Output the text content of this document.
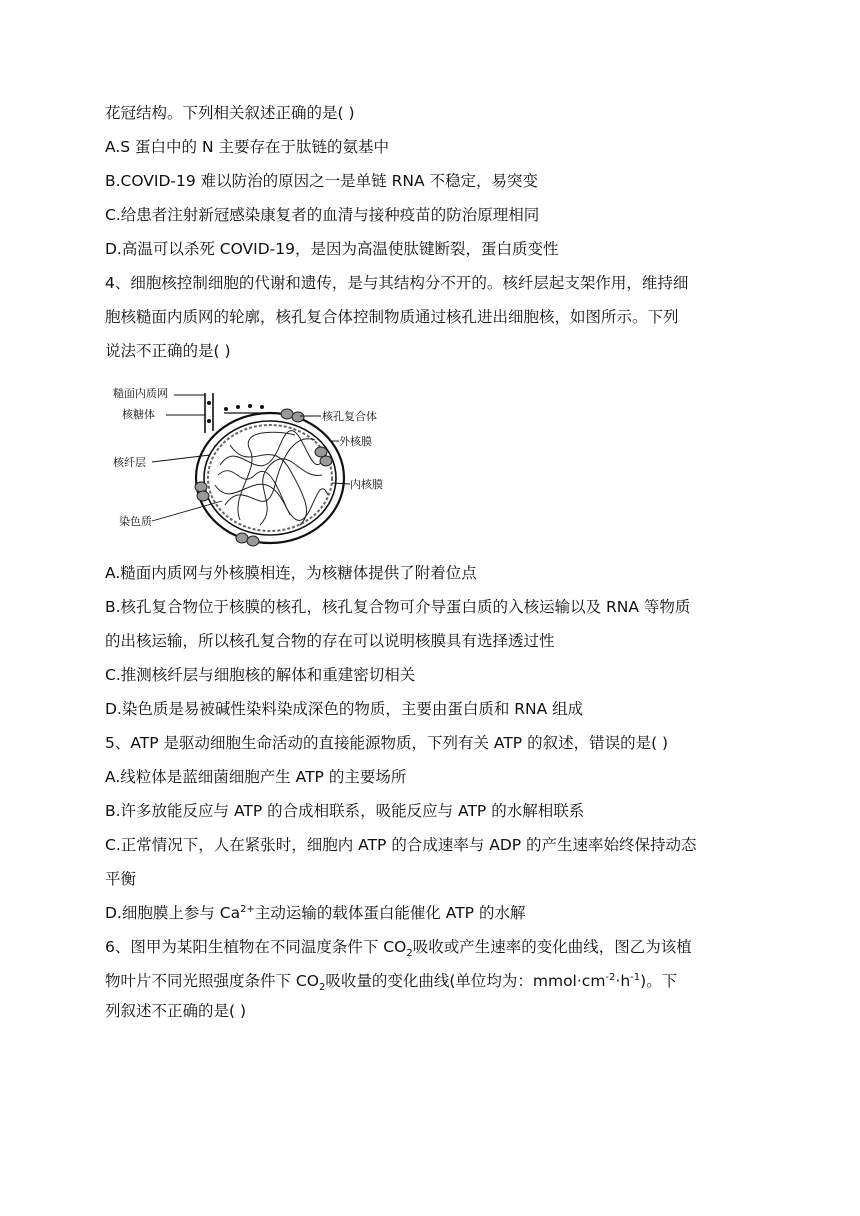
花冠结构。下列相关叙述正确的是( )
A.S 蛋白中的 N 主要存在于肽链的氨基中
B.COVID-19 难以防治的原因之一是单链 RNA 不稳定，易突变
C.给患者注射新冠感染康复者的血清与接种疫苗的防治原理相同
D.高温可以杀死 COVID-19，是因为高温使肽键断裂，蛋白质变性
4、细胞核控制细胞的代谢和遗传，是与其结构分不开的。核纤层起支架作用，维持细
胞核糙面内质网的轮廓，核孔复合体控制物质通过核孔进出细胞核，如图所示。下列
说法不正确的是( )
糙面内质网
核糖体
核纤层
染色质
核孔复合体
外核膜
内核膜
A.糙面内质网与外核膜相连，为核糖体提供了附着位点
B.核孔复合物位于核膜的核孔，核孔复合物可介导蛋白质的入核运输以及 RNA 等物质
的出核运输，所以核孔复合物的存在可以说明核膜具有选择透过性
C.推测核纤层与细胞核的解体和重建密切相关
D.染色质是易被碱性染料染成深色的物质，主要由蛋白质和 RNA 组成
5、ATP 是驱动细胞生命活动的直接能源物质，下列有关 ATP 的叙述，错误的是( )
A.线粒体是蓝细菌细胞产生 ATP 的主要场所
B.许多放能反应与 ATP 的合成相联系，吸能反应与 ATP 的水解相联系
C.正常情况下，人在紧张时，细胞内 ATP 的合成速率与 ADP 的产生速率始终保持动态
平衡
D.细胞膜上参与 $Ca^{2+}$主动运输的载体蛋白能催化 ATP 的水解
6、图甲为某阳生植物在不同温度条件下 $CO_2$吸收或产生速率的变化曲线，图乙为该植
物叶片不同光照强度条件下 $CO_2$吸收量的变化曲线(单位均为：$mmol\cdot cm^{-2}\cdot h^{-1}$)。下
列叙述不正确的是( )
